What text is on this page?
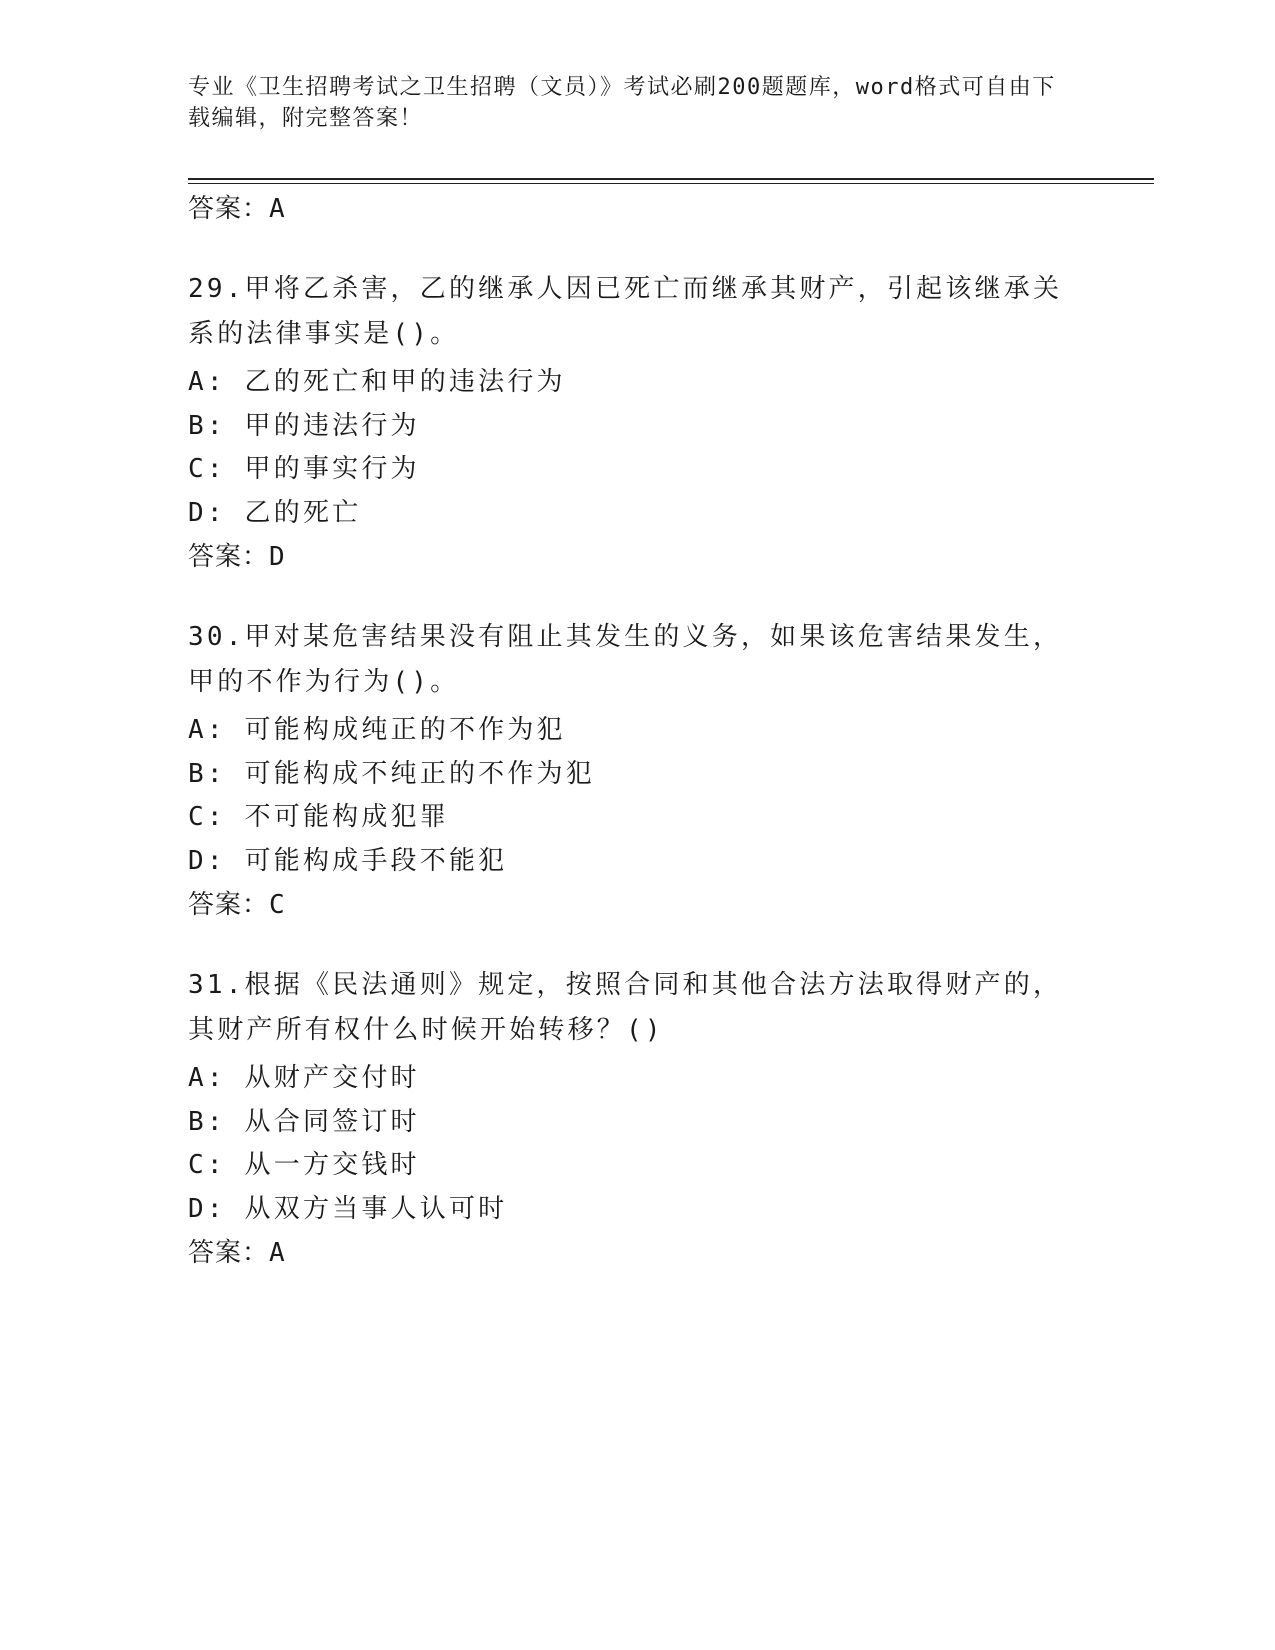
专业《卫生招聘考试之卫生招聘（文员）》考试必刷200题题库，word格式可自由下载编辑，附完整答案！
答案：A
29.甲将乙杀害，乙的继承人因已死亡而继承其财产，引起该继承关系的法律事实是()。
A: 乙的死亡和甲的违法行为
B: 甲的违法行为
C: 甲的事实行为
D: 乙的死亡
答案：D
30.甲对某危害结果没有阻止其发生的义务，如果该危害结果发生，甲的不作为行为()。
A: 可能构成纯正的不作为犯
B: 可能构成不纯正的不作为犯
C: 不可能构成犯罪
D: 可能构成手段不能犯
答案：C
31.根据《民法通则》规定，按照合同和其他合法方法取得财产的，其财产所有权什么时候开始转移？()
A: 从财产交付时
B: 从合同签订时
C: 从一方交钱时
D: 从双方当事人认可时
答案：A
